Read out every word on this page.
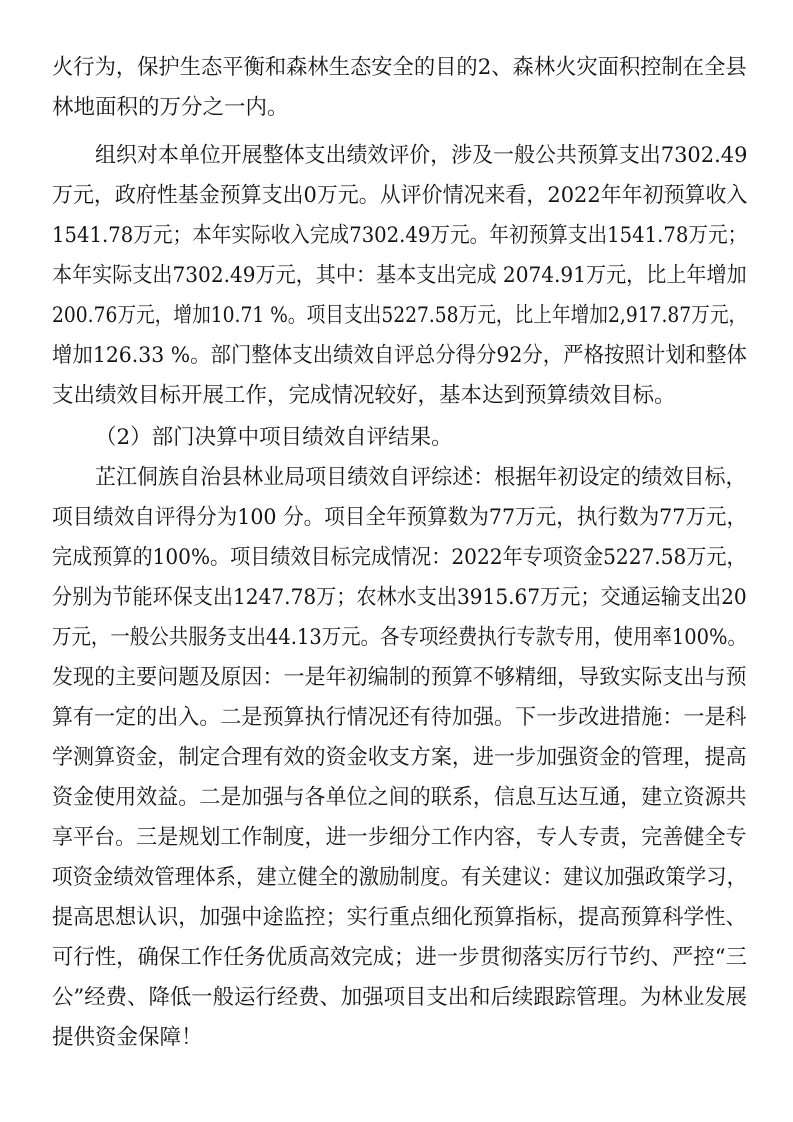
火行为，保护生态平衡和森林生态安全的目的2、森林火灾面积控制在全县
林地面积的万分之一内。
组织对本单位开展整体支出绩效评价，涉及一般公共预算支出7302.49
万元，政府性基金预算支出0万元。从评价情况来看，2022年年初预算收入
1541.78万元；本年实际收入完成7302.49万元。年初预算支出1541.78万元；
本年实际支出7302.49万元，其中：基本支出完成 2074.91万元，比上年增加
200.76万元，增加10.71 %。项目支出5227.58万元，比上年增加2,917.87万元，
增加126.33 %。部门整体支出绩效自评总分得分92分，严格按照计划和整体
支出绩效目标开展工作，完成情况较好，基本达到预算绩效目标。
（2）部门决算中项目绩效自评结果。
芷江侗族自治县林业局项目绩效自评综述：根据年初设定的绩效目标，
项目绩效自评得分为100 分。项目全年预算数为77万元，执行数为77万元，
完成预算的100%。项目绩效目标完成情况：2022年专项资金5227.58万元，
分别为节能环保支出1247.78万；农林水支出3915.67万元；交通运输支出20
万元，一般公共服务支出44.13万元。各专项经费执行专款专用，使用率100%。
发现的主要问题及原因：一是年初编制的预算不够精细，导致实际支出与预
算有一定的出入。二是预算执行情况还有待加强。下一步改进措施：一是科
学测算资金，制定合理有效的资金收支方案，进一步加强资金的管理，提高
资金使用效益。二是加强与各单位之间的联系，信息互达互通，建立资源共
享平台。三是规划工作制度，进一步细分工作内容，专人专责，完善健全专
项资金绩效管理体系，建立健全的激励制度。有关建议：建议加强政策学习，
提高思想认识，加强中途监控；实行重点细化预算指标，提高预算科学性、
可行性，确保工作任务优质高效完成；进一步贯彻落实厉行节约、严控“三
公”经费、降低一般运行经费、加强项目支出和后续跟踪管理。为林业发展
提供资金保障！
